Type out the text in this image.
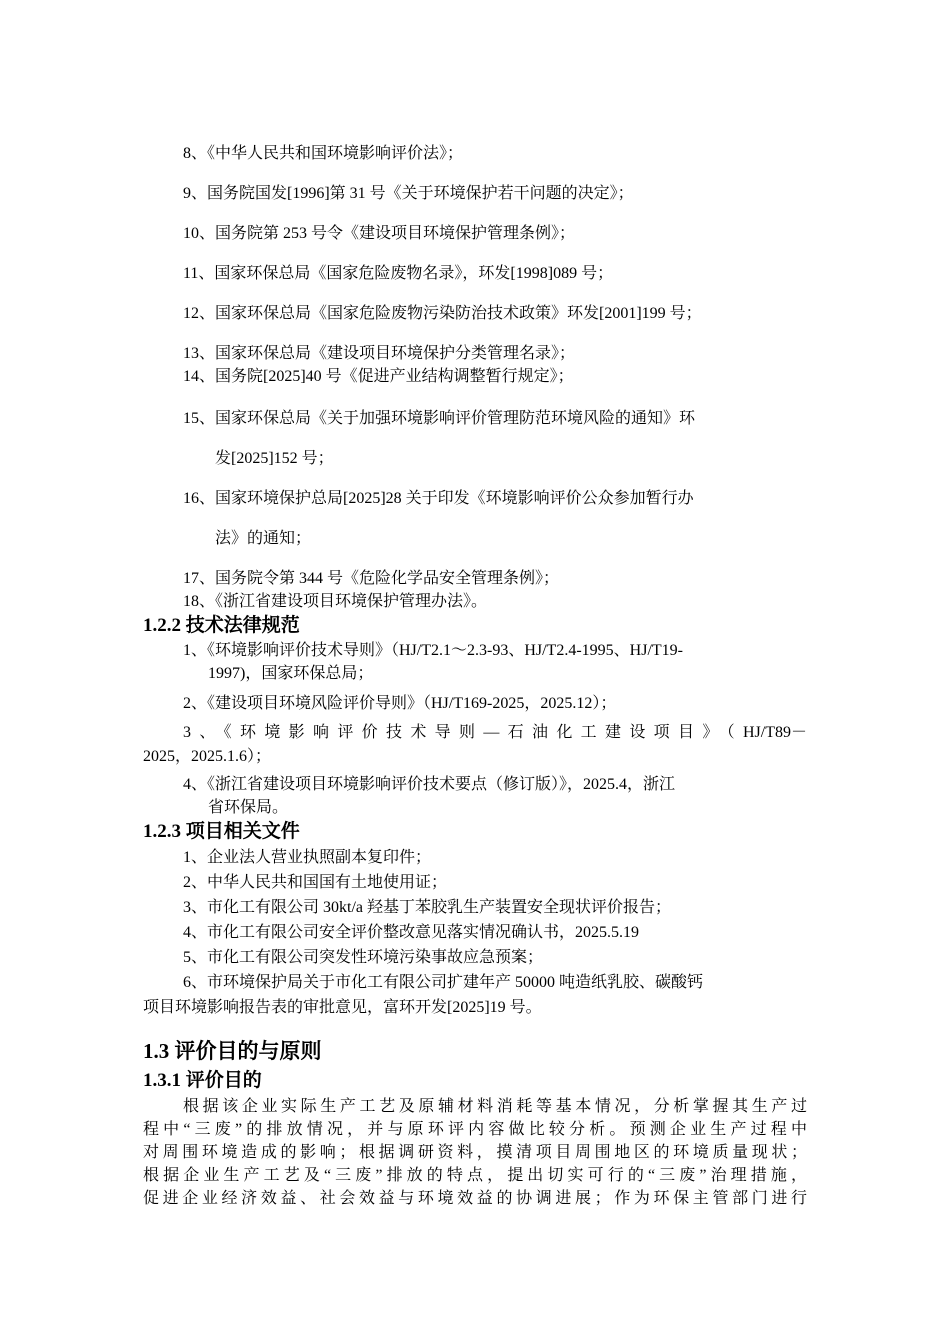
8、《中华人民共和国环境影响评价法》；
9、国务院国发[1996]第 31 号《关于环境保护若干问题的决定》；
10、国务院第 253 号令《建设项目环境保护管理条例》；
11、国家环保总局《国家危险废物名录》，环发[1998]089 号；
12、国家环保总局《国家危险废物污染防治技术政策》环发[2001]199 号；
13、国家环保总局《建设项目环境保护分类管理名录》；
14、国务院[2025]40 号《促进产业结构调整暂行规定》；
15、国家环保总局《关于加强环境影响评价管理防范环境风险的通知》环
发[2025]152 号；
16、国家环境保护总局[2025]28 关于印发《环境影响评价公众参加暂行办
法》的通知；
17、国务院令第 344 号《危险化学品安全管理条例》；
18、《浙江省建设项目环境保护管理办法》。
1.2.2 技术法律规范
1、《环境影响评价技术导则》（HJ/T2.1～2.3-93、HJ/T2.4-1995、HJ/T19-
1997)，国家环保总局；
2、《建设项目环境风险评价导则》（HJ/T169-2025，2025.12）；
3、《环境影响评价技术导则—石油化工建设项目》（HJ/T89－
2025，2025.1.6）；
4、《浙江省建设项目环境影响评价技术要点（修订版）》，2025.4，浙江
省环保局。
1.2.3 项目相关文件
1、企业法人营业执照副本复印件；
2、中华人民共和国国有土地使用证；
3、市化工有限公司 30kt/a 羟基丁苯胶乳生产装置安全现状评价报告；
4、市化工有限公司安全评价整改意见落实情况确认书，2025.5.19
5、市化工有限公司突发性环境污染事故应急预案；
6、市环境保护局关于市化工有限公司扩建年产 50000 吨造纸乳胶、碳酸钙
项目环境影响报告表的审批意见，富环开发[2025]19 号。
1.3 评价目的与原则
1.3.1 评价目的
根据该企业实际生产工艺及原辅材料消耗等基本情况，分析掌握其生产过
程中“三废”的排放情况，并与原环评内容做比较分析。预测企业生产过程中
对周围环境造成的影响；根据调研资料，摸清项目周围地区的环境质量现状；
根据企业生产工艺及“三废”排放的特点，提出切实可行的“三废”治理措施，
促进企业经济效益、社会效益与环境效益的协调进展；作为环保主管部门进行
